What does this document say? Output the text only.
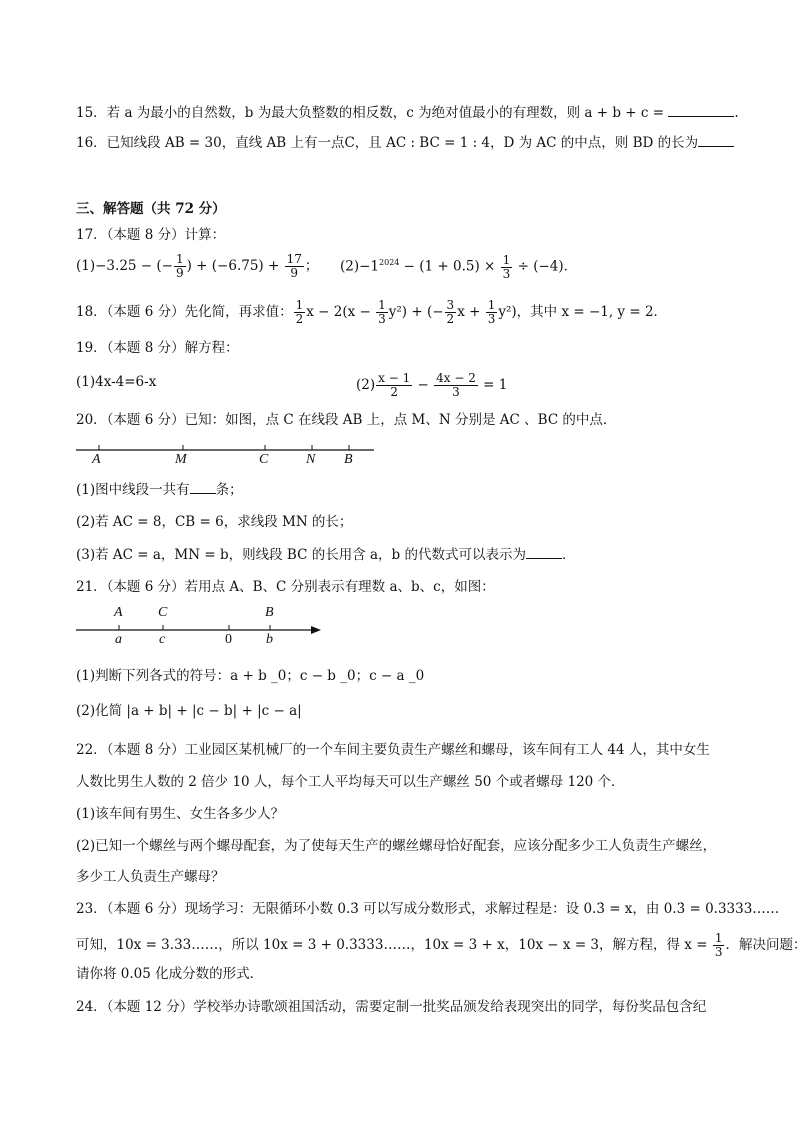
15．若 a 为最小的自然数，b 为最大负整数的相反数，c 为绝对值最小的有理数，则 a + b + c =	.
16．已知线段 AB = 30，直线 AB 上有一点C，且 AC : BC = 1 : 4，D 为 AC 的中点，则 BD 的长为
三、解答题（共 72 分）
17．（本题 8 分）计算：
(1)−3.25 − (− $\frac{1}{9}$ ) + $(-6.75) + \frac{17}{9}$ ； $(2)-1^{2024} - (1 + 0.5) \times \frac{1}{3} \div (-4)$．
18．（本题 6 分）先化简，再求值： $\frac{1}{2}$ $x - 2(x - \frac{1}{3} y^2)$ + (− $\frac{3}{2}$ $x + \frac{1}{3} y^2$)，其中 x = −1, y = 2．
19．（本题 8 分）解方程：
(1)4x-4=6-x	$(2) \frac{x - 1}{2} - \frac{4x - 2}{3} = 1$
20．（本题 6 分）已知：如图，点 C 在线段 AB 上，点 M、N 分别是 AC 、BC 的中点．
A	M	C	N B
(1)图中线段一共有 条；
(2)若 AC = 8，CB = 6，求线段 MN 的长；
(3)若 AC = a，MN = b，则线段 BC 的长用含 a，b 的代数式可以表示为	．
21．（本题 6 分）若用点 A、B、C 分别表示有理数 a、b、c，如图：
A	C	B
a	c	0 b
(1)判断下列各式的符号：a + b _0；c − b _0；c − a _0
(2)化简 |a + b| + |c − b| + |c − a|
22．（本题 8 分）工业园区某机械厂的一个车间主要负责生产螺丝和螺母，该车间有工人 44 人，其中女生
人数比男生人数的 2 倍少 10 人，每个工人平均每天可以生产螺丝 50 个或者螺母 120 个．
(1)该车间有男生、女生各多少人？
(2)已知一个螺丝与两个螺母配套，为了使每天生产的螺丝螺母恰好配套，应该分配多少工人负责生产螺丝，
多少工人负责生产螺母？
23．（本题 6 分）现场学习：无限循环小数 0.3̇ 可以写成分数形式，求解过程是：设 0.3̇ = x，由 0.3̇ = 0.3333……
可知，10x = 3.33……，所以 10x = 3 + 0.3333……，10x = 3 + x，10x − x = 3，解方程，得 $x = \frac{1}{3}$ ．解决问题：
请你将 0.05 化成分数的形式．
24．（本题 12 分）学校举办诗歌颂祖国活动，需要定制一批奖品颁发给表现突出的同学，每份奖品包含纪
